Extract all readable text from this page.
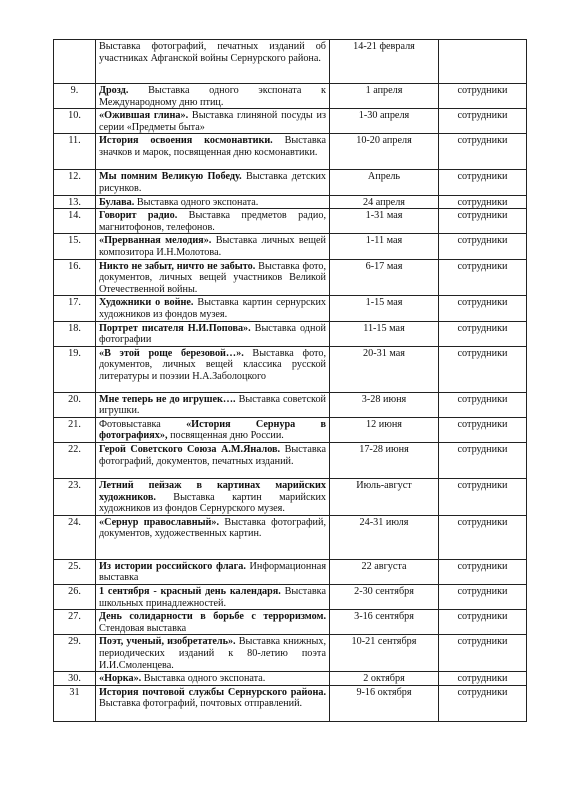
	Выставка фотографий, печатных изданий об участниках Афганской войны Сернурского района.	14-21 февраля	
9.	Дрозд. Выставка одного экспоната к Международному дню птиц.	1 апреля	сотрудники
10.	«Ожившая глина». Выставка глиняной посуды из серии «Предметы быта»	1-30 апреля	сотрудники
11.	История освоения космонавтики. Выставка значков и марок, посвященная дню космонавтики.	10-20 апреля	сотрудники
12.	Мы помним Великую Победу. Выставка детских рисунков.	Апрель	сотрудники
13.	Булава. Выставка одного экспоната.	24 апреля	сотрудники
14.	Говорит радио. Выставка предметов радио, магнитофонов, телефонов.	1-31 мая	сотрудники
15.	«Прерванная мелодия». Выставка личных вещей композитора И.Н.Молотова.	1-11 мая	сотрудники
16.	Никто не забыт, ничто не забыто. Выставка фото, документов, личных вещей участников Великой Отечественной войны.	6-17 мая	сотрудники
17.	Художники о войне. Выставка картин сернурских художников из фондов музея.	1-15 мая	сотрудники
18.	Портрет писателя Н.И.Попова». Выставка одной фотографии	11-15 мая	сотрудники
19.	«В этой роще березовой…». Выставка фото, документов, личных вещей классика русской литературы и поэзии Н.А.Заболоцкого	20-31 мая	сотрудники
20.	Мне теперь не до игрушек…. Выставка советской игрушки.	3-28 июня	сотрудники
21.	Фотовыставка «История Сернура в фотографиях», посвященная дню России.	12 июня	сотрудники
22.	Герой Советского Союза А.М.Яналов. Выставка фотографий, документов, печатных изданий.	17-28 июня	сотрудники
23.	Летний пейзаж в картинах марийских художников. Выставка картин марийских художников из фондов Сернурского музея.	Июль-август	сотрудники
24.	«Сернур православный». Выставка фотографий, документов, художественных картин.	24-31 июля	сотрудники
25.	Из истории российского флага. Информационная выставка	22 августа	сотрудники
26.	1 сентября - красный день календаря. Выставка школьных принадлежностей.	2-30 сентября	сотрудники
27.	День солидарности в борьбе с терроризмом. Стендовая выставка	3-16 сентября	сотрудники
29.	Поэт, ученый, изобретатель». Выставка книжных, периодических изданий к 80-летию поэта И.И.Смоленцева.	10-21 сентября	сотрудники
30.	«Норка». Выставка одного экспоната.	2 октября	сотрудники
31	История почтовой службы Сернурского района. Выставка фотографий, почтовых отправлений.	9-16 октября	сотрудники
